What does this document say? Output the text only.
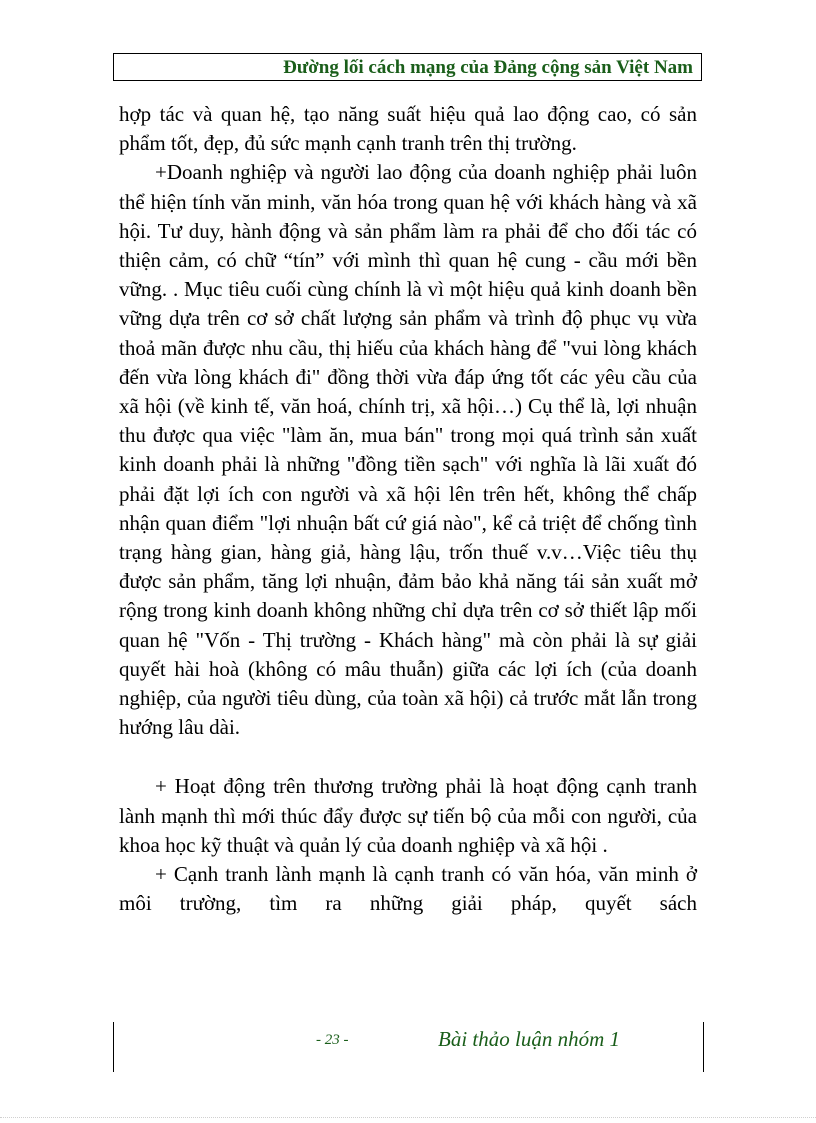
Đường lối cách mạng của Đảng cộng sản Việt Nam

hợp tác và quan hệ, tạo năng suất hiệu quả lao động cao, có sản phẩm tốt, đẹp, đủ sức mạnh cạnh tranh trên thị trường.

+Doanh nghiệp và người lao động của doanh nghiệp phải luôn thể hiện tính văn minh, văn hóa trong quan hệ với khách hàng và xã hội. Tư duy, hành động và sản phẩm làm ra phải để cho đối tác có thiện cảm, có chữ “tín” với mình thì quan hệ cung - cầu mới bền vững. . Mục tiêu cuối cùng chính là vì một hiệu quả kinh doanh bền vững dựa trên cơ sở chất lượng sản phẩm và trình độ phục vụ vừa thoả mãn được nhu cầu, thị hiếu của khách hàng để "vui lòng khách đến vừa lòng khách đi" đồng thời vừa đáp ứng tốt các yêu cầu của xã hội (về kinh tế, văn hoá, chính trị, xã hội…) Cụ thể là, lợi nhuận thu được qua việc "làm ăn, mua bán" trong mọi quá trình sản xuất kinh doanh phải là những "đồng tiền sạch" với nghĩa là lãi xuất đó phải đặt lợi ích con người và xã hội lên trên hết, không thể chấp nhận quan điểm "lợi nhuận bất cứ giá nào", kể cả triệt để chống tình trạng hàng gian, hàng giả, hàng lậu, trốn thuế v.v…Việc tiêu thụ được sản phẩm, tăng lợi nhuận, đảm bảo khả năng tái sản xuất mở rộng trong kinh doanh không những chỉ dựa trên cơ sở thiết lập mối quan hệ "Vốn - Thị trường - Khách hàng" mà còn phải là sự giải quyết hài hoà (không có mâu thuẫn) giữa các lợi ích (của doanh nghiệp, của người tiêu dùng, của toàn xã hội) cả trước mắt lẫn trong hướng lâu dài.

+ Hoạt động trên thương trường phải là hoạt động cạnh tranh lành mạnh thì mới thúc đẩy được sự tiến bộ của mỗi con người, của khoa học kỹ thuật và quản lý của doanh nghiệp và xã hội .

+ Cạnh tranh lành mạnh là cạnh tranh có văn hóa, văn minh ở môi trường, tìm ra những giải pháp, quyết sách

- 23 -	Bài thảo luận nhóm 1
